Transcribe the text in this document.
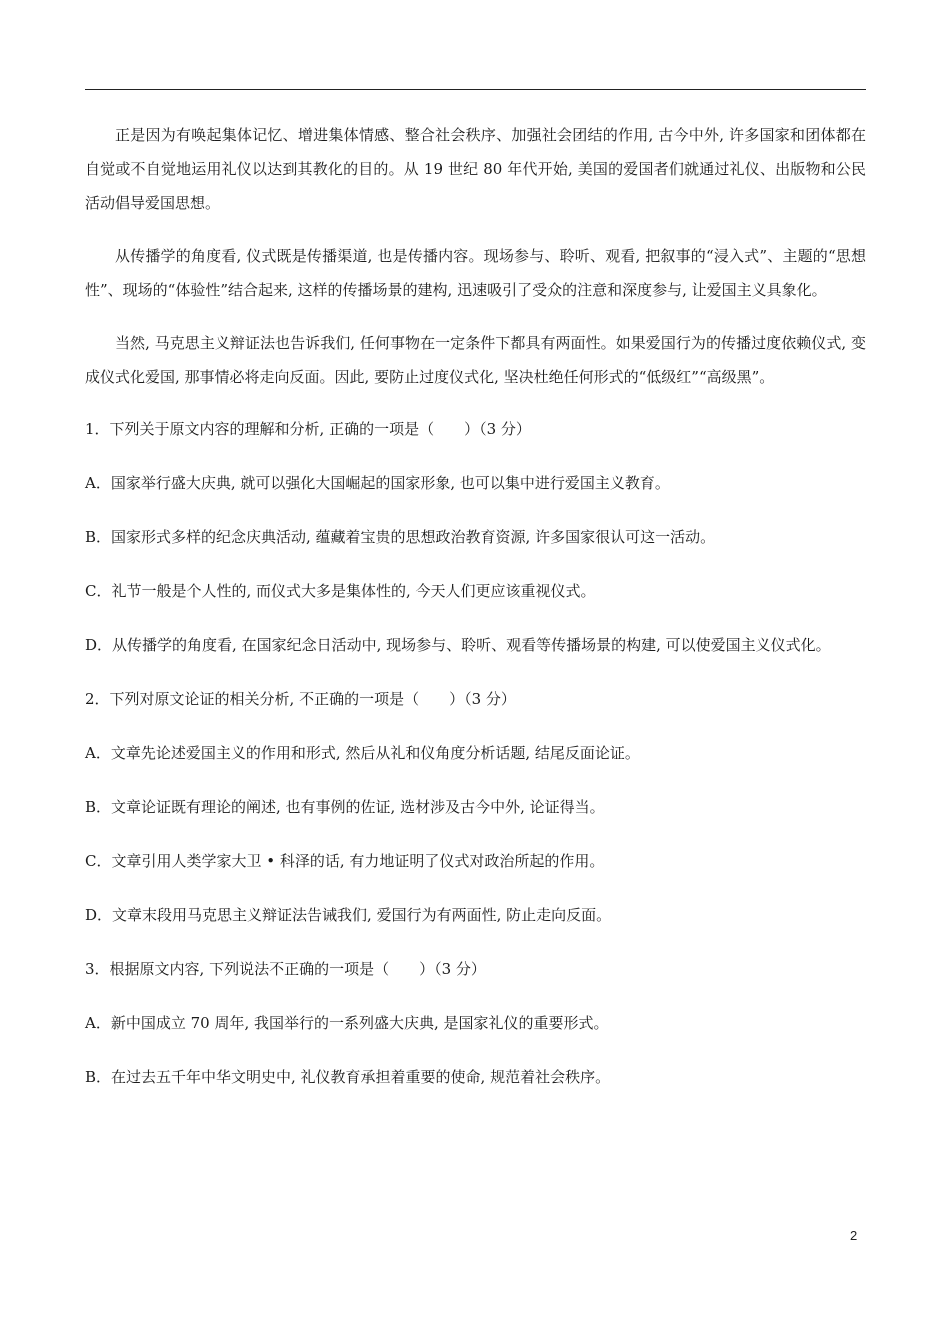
正是因为有唤起集体记忆、增进集体情感、整合社会秩序、加强社会团结的作用, 古今中外, 许多国家和团体都在自觉或不自觉地运用礼仪以达到其教化的目的。从 19 世纪 80 年代开始, 美国的爱国者们就通过礼仪、出版物和公民活动倡导爱国思想。

从传播学的角度看, 仪式既是传播渠道, 也是传播内容。现场参与、聆听、观看, 把叙事的“浸入式”、主题的“思想性”、现场的“体验性”结合起来, 这样的传播场景的建构, 迅速吸引了受众的注意和深度参与, 让爱国主义具象化。

当然, 马克思主义辩证法也告诉我们, 任何事物在一定条件下都具有两面性。如果爱国行为的传播过度依赖仪式, 变成仪式化爱国, 那事情必将走向反面。因此, 要防止过度仪式化, 坚决杜绝任何形式的“低级红”“高级黑”。

1．下列关于原文内容的理解和分析, 正确的一项是（　　）（3 分）

A．国家举行盛大庆典, 就可以强化大国崛起的国家形象, 也可以集中进行爱国主义教育。

B．国家形式多样的纪念庆典活动, 蕴藏着宝贵的思想政治教育资源, 许多国家很认可这一活动。

C．礼节一般是个人性的, 而仪式大多是集体性的, 今天人们更应该重视仪式。

D．从传播学的角度看, 在国家纪念日活动中, 现场参与、聆听、观看等传播场景的构建, 可以使爱国主义仪式化。

2．下列对原文论证的相关分析, 不正确的一项是（　　）（3 分）

A．文章先论述爱国主义的作用和形式, 然后从礼和仪角度分析话题, 结尾反面论证。

B．文章论证既有理论的阐述, 也有事例的佐证, 选材涉及古今中外, 论证得当。

C．文章引用人类学家大卫 • 科泽的话, 有力地证明了仪式对政治所起的作用。

D．文章末段用马克思主义辩证法告诫我们, 爱国行为有两面性, 防止走向反面。

3．根据原文内容, 下列说法不正确的一项是（　　）（3 分）

A．新中国成立 70 周年, 我国举行的一系列盛大庆典, 是国家礼仪的重要形式。

B．在过去五千年中华文明史中, 礼仪教育承担着重要的使命, 规范着社会秩序。

2
